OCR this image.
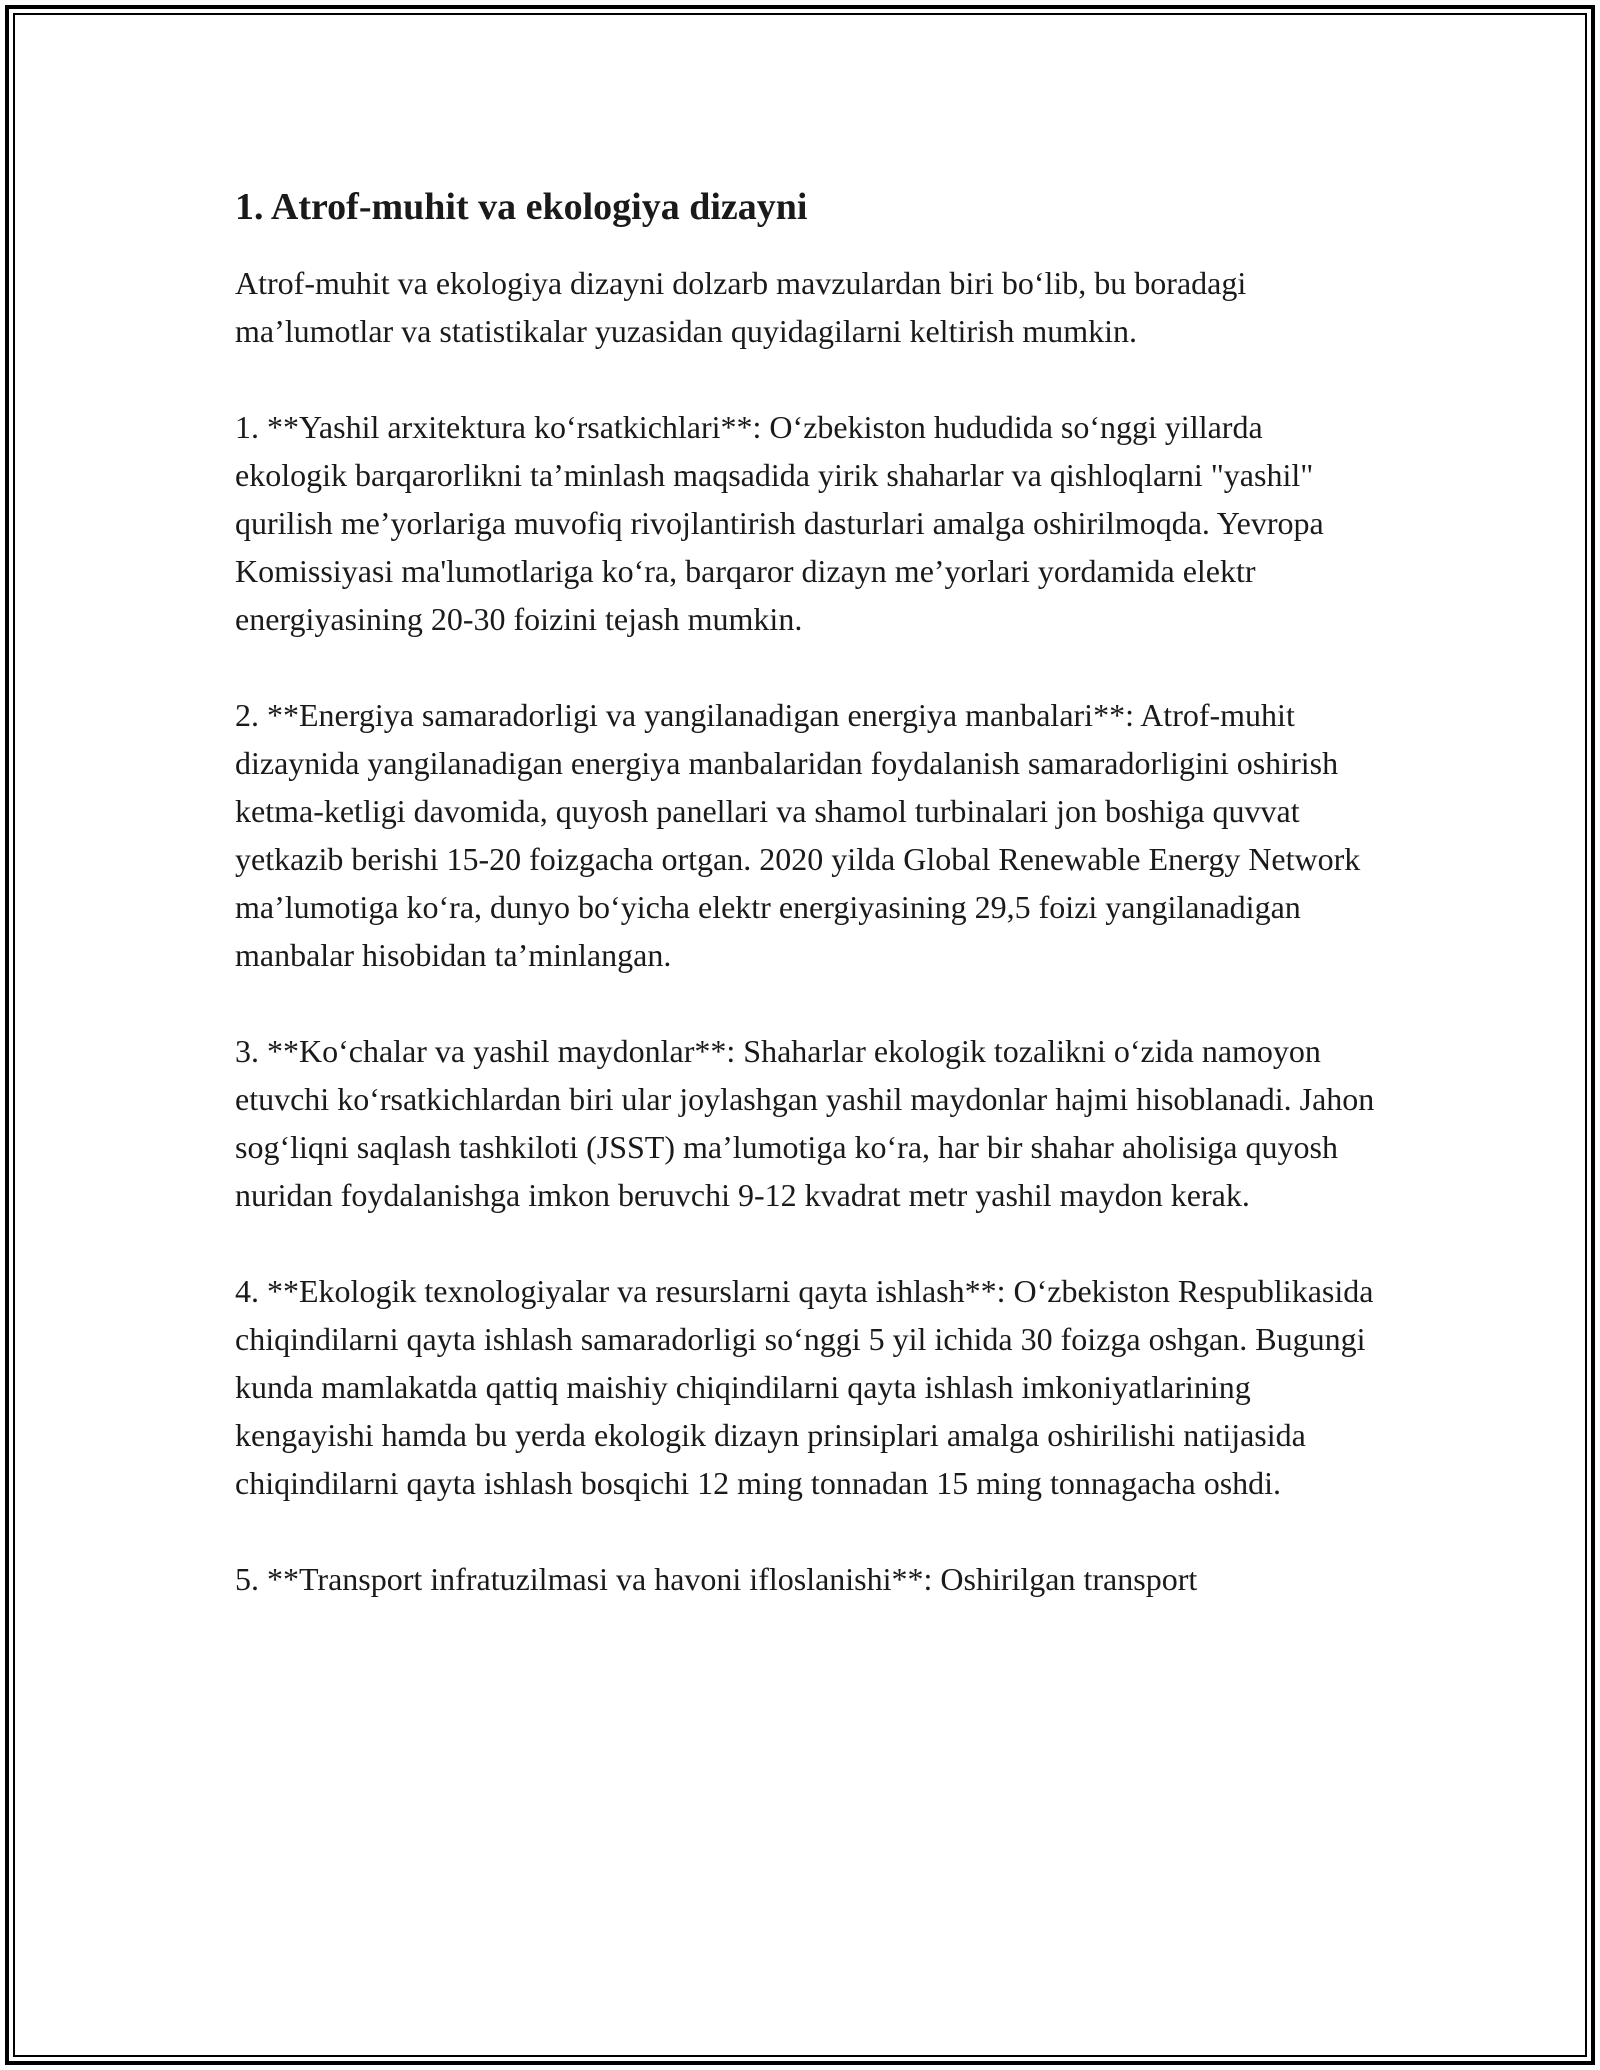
1. Atrof-muhit va ekologiya dizayni

Atrof-muhit va ekologiya dizayni dolzarb mavzulardan biri bo‘lib, bu boradagi ma’lumotlar va statistikalar yuzasidan quyidagilarni keltirish mumkin.

1. **Yashil arxitektura ko‘rsatkichlari**: O‘zbekiston hududida so‘nggi yillarda ekologik barqarorlikni ta’minlash maqsadida yirik shaharlar va qishloqlarni "yashil" qurilish me’yorlariga muvofiq rivojlantirish dasturlari amalga oshirilmoqda. Yevropa Komissiyasi ma'lumotlariga ko‘ra, barqaror dizayn me’yorlari yordamida elektr energiyasining 20-30 foizini tejash mumkin.

2. **Energiya samaradorligi va yangilanadigan energiya manbalari**: Atrof-muhit dizaynida yangilanadigan energiya manbalaridan foydalanish samaradorligini oshirish ketma-ketligi davomida, quyosh panellari va shamol turbinalari jon boshiga quvvat yetkazib berishi 15-20 foizgacha ortgan. 2020 yilda Global Renewable Energy Network ma’lumotiga ko‘ra, dunyo bo‘yicha elektr energiyasining 29,5 foizi yangilanadigan manbalar hisobidan ta’minlangan.

3. **Ko‘chalar va yashil maydonlar**: Shaharlar ekologik tozalikni o‘zida namoyon etuvchi ko‘rsatkichlardan biri ular joylashgan yashil maydonlar hajmi hisoblanadi. Jahon sog‘liqni saqlash tashkiloti (JSST) ma’lumotiga ko‘ra, har bir shahar aholisiga quyosh nuridan foydalanishga imkon beruvchi 9-12 kvadrat metr yashil maydon kerak.

4. **Ekologik texnologiyalar va resurslarni qayta ishlash**: O‘zbekiston Respublikasida chiqindilarni qayta ishlash samaradorligi so‘nggi 5 yil ichida 30 foizga oshgan. Bugungi kunda mamlakatda qattiq maishiy chiqindilarni qayta ishlash imkoniyatlarining kengayishi hamda bu yerda ekologik dizayn prinsiplari amalga oshirilishi natijasida chiqindilarni qayta ishlash bosqichi 12 ming tonnadan 15 ming tonnagacha oshdi.

5. **Transport infratuzilmasi va havoni ifloslanishi**: Oshirilgan transport
